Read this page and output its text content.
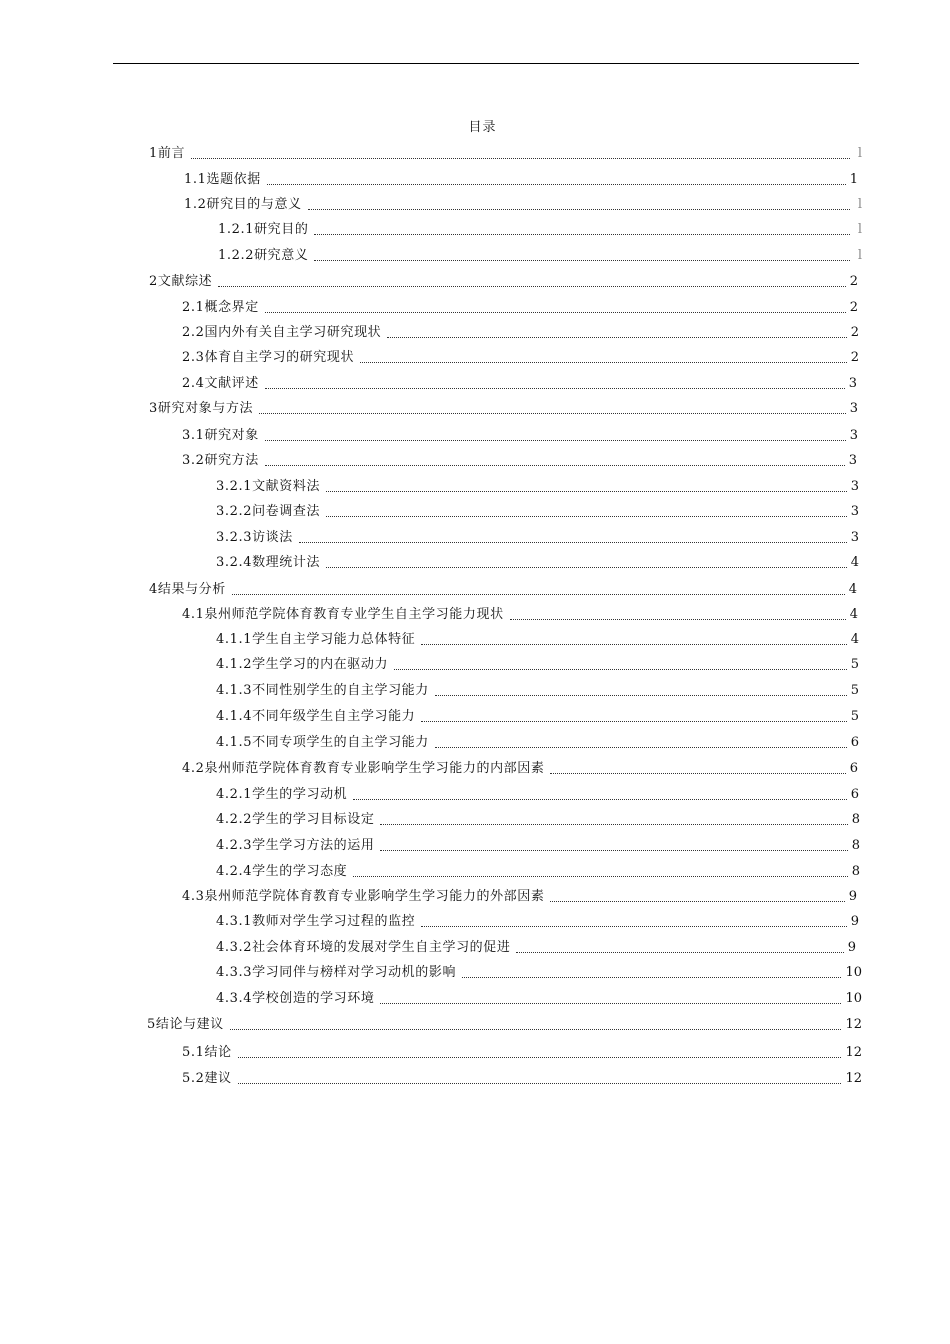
目录
1前言	l
1.1选题依据	1
1.2研究目的与意义	l
1.2.1研究目的	l
1.2.2研究意义	l
2文献综述	2
2.1概念界定	2
2.2国内外有关自主学习研究现状	2
2.3体育自主学习的研究现状	2
2.4文献评述	3
3研究对象与方法	3
3.1研究对象	3
3.2研究方法	3
3.2.1文献资料法	3
3.2.2问卷调查法	3
3.2.3访谈法	3
3.2.4数理统计法	4
4结果与分析	4
4.1泉州师范学院体育教育专业学生自主学习能力现状	4
4.1.1学生自主学习能力总体特征	4
4.1.2学生学习的内在驱动力	5
4.1.3不同性别学生的自主学习能力	5
4.1.4不同年级学生自主学习能力	5
4.1.5不同专项学生的自主学习能力	6
4.2泉州师范学院体育教育专业影响学生学习能力的内部因素	6
4.2.1学生的学习动机	6
4.2.2学生的学习目标设定	8
4.2.3学生学习方法的运用	8
4.2.4学生的学习态度	8
4.3泉州师范学院体育教育专业影响学生学习能力的外部因素	9
4.3.1教师对学生学习过程的监控	9
4.3.2社会体育环境的发展对学生自主学习的促进	9
4.3.3学习同伴与榜样对学习动机的影响	10
4.3.4学校创造的学习环境	10
5结论与建议	12
5.1结论	12
5.2建议	12
